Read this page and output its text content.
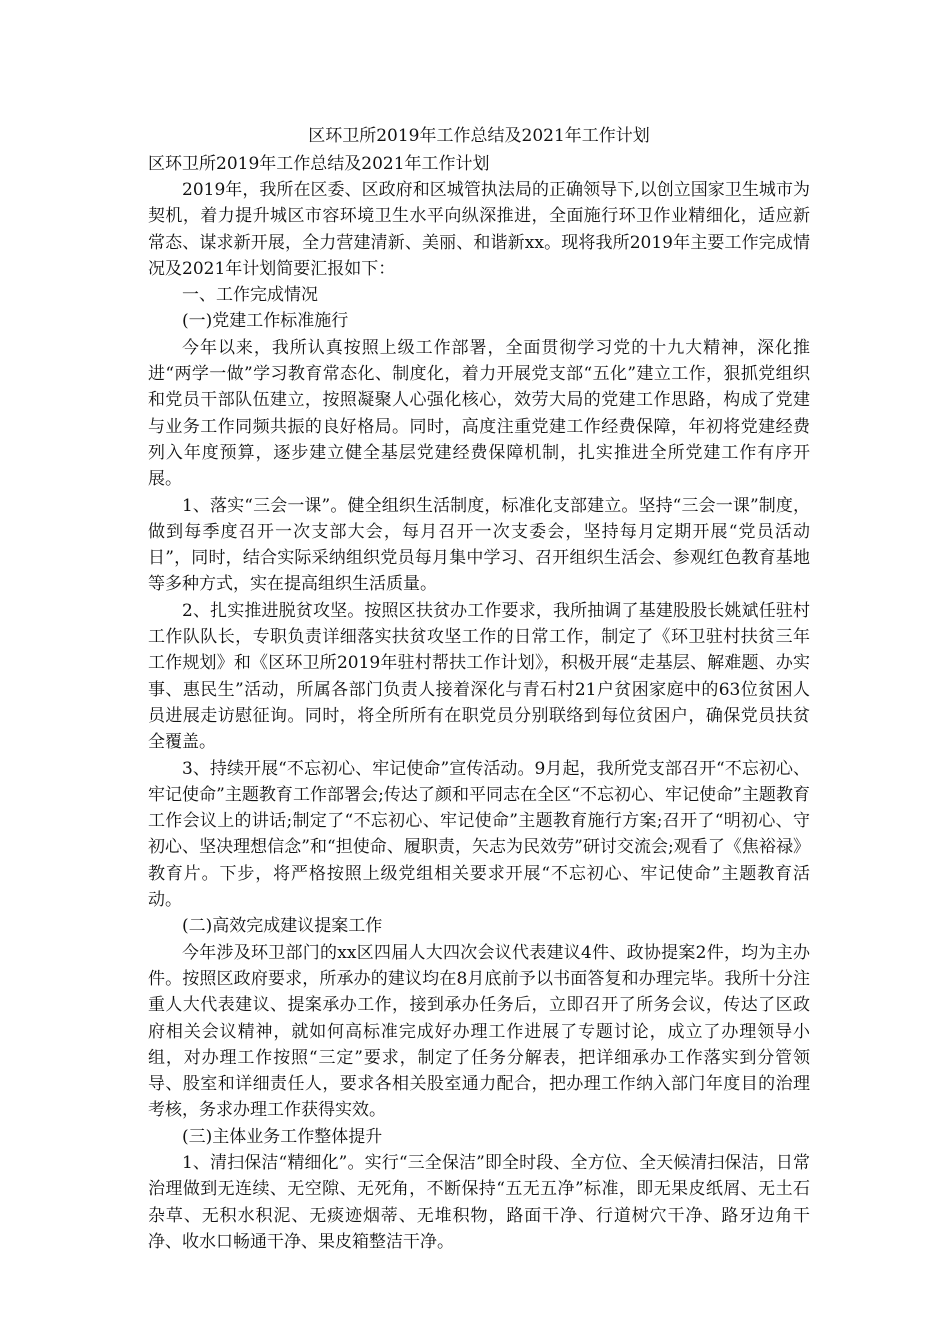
区环卫所2019年工作总结及2021年工作计划
区环卫所2019年工作总结及2021年工作计划

2019年，我所在区委、区政府和区城管执法局的正确领导下,以创立国家卫生城市为契机，着力提升城区市容环境卫生水平向纵深推进，全面施行环卫作业精细化，适应新常态、谋求新开展，全力营建清新、美丽、和谐新xx。现将我所2019年主要工作完成情况及2021年计划简要汇报如下：

一、工作完成情况

(一)党建工作标准施行

今年以来，我所认真按照上级工作部署，全面贯彻学习党的十九大精神，深化推进“两学一做”学习教育常态化、制度化，着力开展党支部“五化”建立工作，狠抓党组织和党员干部队伍建立，按照凝聚人心强化核心，效劳大局的党建工作思路，构成了党建与业务工作同频共振的良好格局。同时，高度注重党建工作经费保障，年初将党建经费列入年度预算，逐步建立健全基层党建经费保障机制，扎实推进全所党建工作有序开展。

1、落实“三会一课”。健全组织生活制度，标准化支部建立。坚持“三会一课”制度，做到每季度召开一次支部大会，每月召开一次支委会，坚持每月定期开展“党员活动日”，同时，结合实际采纳组织党员每月集中学习、召开组织生活会、参观红色教育基地等多种方式，实在提高组织生活质量。

2、扎实推进脱贫攻坚。按照区扶贫办工作要求，我所抽调了基建股股长姚斌任驻村工作队队长，专职负责详细落实扶贫攻坚工作的日常工作，制定了《环卫驻村扶贫三年工作规划》和《区环卫所2019年驻村帮扶工作计划》，积极开展“走基层、解难题、办实事、惠民生”活动，所属各部门负责人接着深化与青石村21户贫困家庭中的63位贫困人员进展走访慰征询。同时，将全所所有在职党员分别联络到每位贫困户，确保党员扶贫全覆盖。

3、持续开展“不忘初心、牢记使命”宣传活动。9月起，我所党支部召开“不忘初心、牢记使命”主题教育工作部署会;传达了颜和平同志在全区“不忘初心、牢记使命”主题教育工作会议上的讲话;制定了“不忘初心、牢记使命”主题教育施行方案;召开了“明初心、守初心、坚决理想信念”和“担使命、履职责，矢志为民效劳”研讨交流会;观看了《焦裕禄》教育片。下步，将严格按照上级党组相关要求开展“不忘初心、牢记使命”主题教育活动。

(二)高效完成建议提案工作

今年涉及环卫部门的xx区四届人大四次会议代表建议4件、政协提案2件，均为主办件。按照区政府要求，所承办的建议均在8月底前予以书面答复和办理完毕。我所十分注重人大代表建议、提案承办工作，接到承办任务后，立即召开了所务会议，传达了区政府相关会议精神，就如何高标准完成好办理工作进展了专题讨论，成立了办理领导小组，对办理工作按照“三定”要求，制定了任务分解表，把详细承办工作落实到分管领导、股室和详细责任人，要求各相关股室通力配合，把办理工作纳入部门年度目的治理考核，务求办理工作获得实效。

(三)主体业务工作整体提升

1、清扫保洁“精细化”。实行“三全保洁”即全时段、全方位、全天候清扫保洁，日常治理做到无连续、无空隙、无死角，不断保持“五无五净”标准，即无果皮纸屑、无土石杂草、无积水积泥、无痰迹烟蒂、无堆积物，路面干净、行道树穴干净、路牙边角干净、收水口畅通干净、果皮箱整洁干净。
